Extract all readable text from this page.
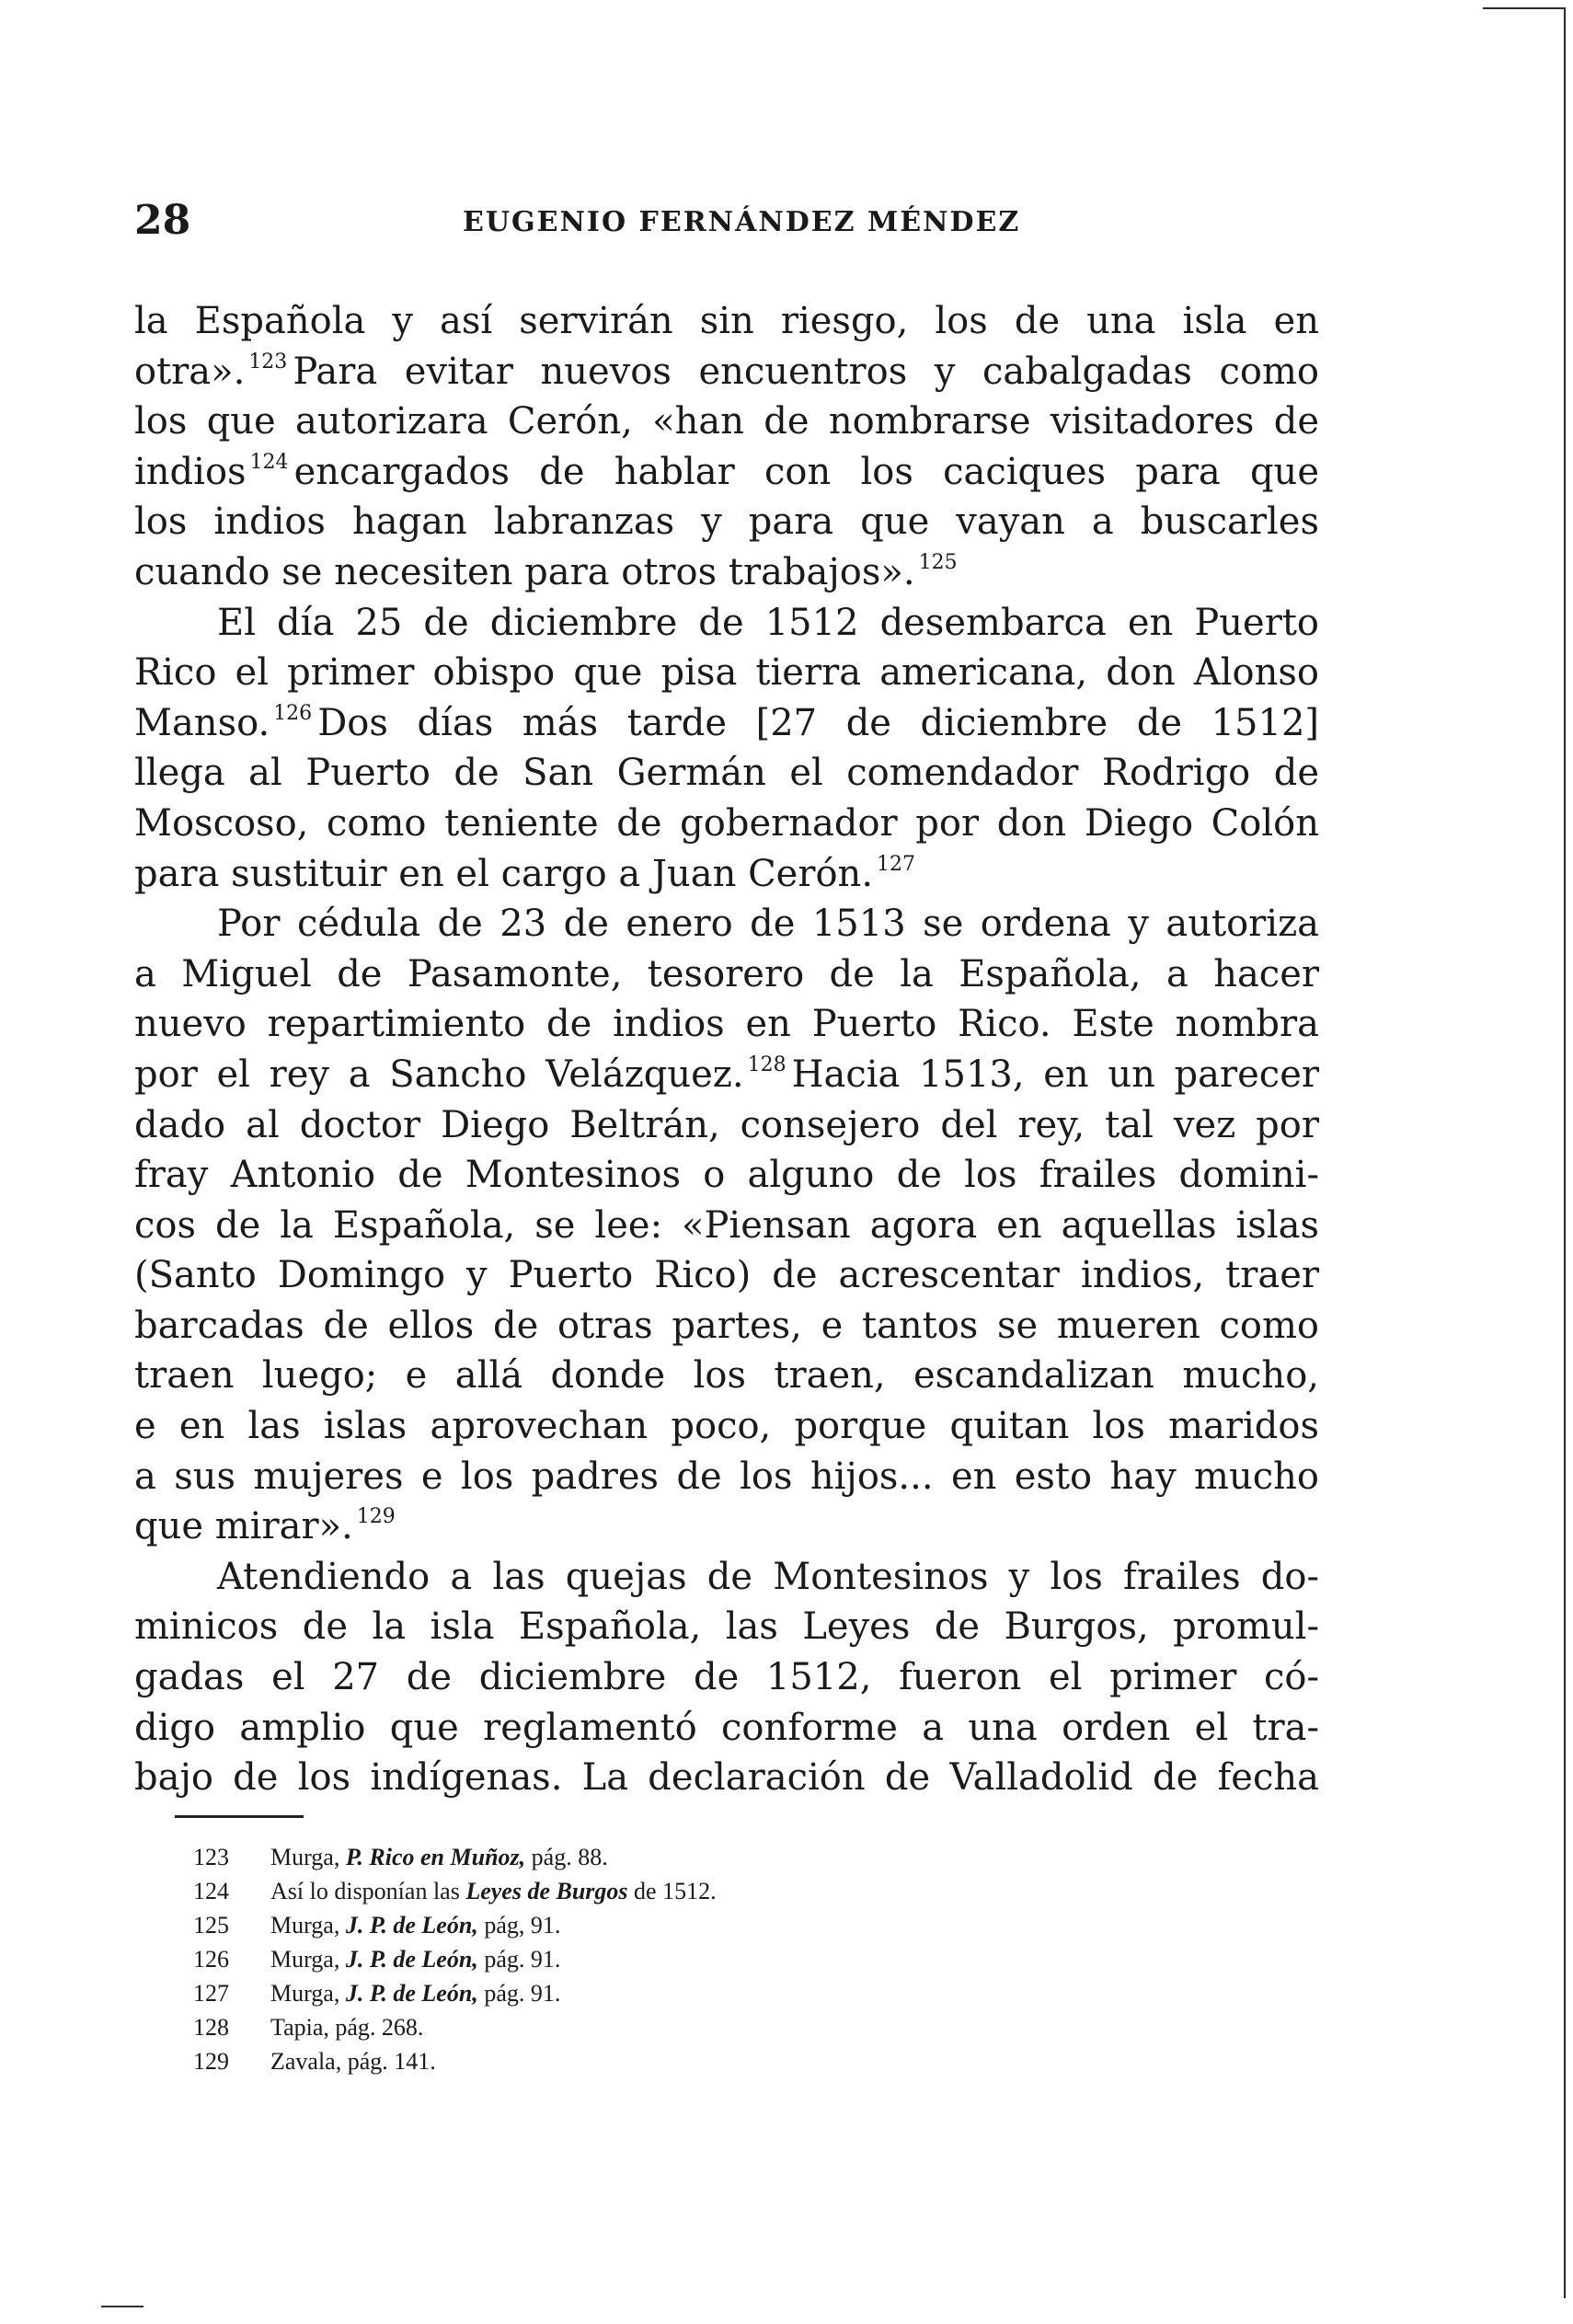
28	EUGENIO FERNÁNDEZ MÉNDEZ
la Española y así servirán sin riesgo, los de una isla en
otra». $^{123}$ Para evitar nuevos encuentros y cabalgadas como
los que autorizara Cerón, «han de nombrarse visitadores de
indios $^{124}$ encargados de hablar con los caciques para que
los indios hagan labranzas y para que vayan a buscarles
cuando se necesiten para otros trabajos». $^{125}$
El día 25 de diciembre de 1512 desembarca en Puerto
Rico el primer obispo que pisa tierra americana, don Alonso
Manso. $^{126}$ Dos días más tarde [27 de diciembre de 1512]
llega al Puerto de San Germán el comendador Rodrigo de
Moscoso, como teniente de gobernador por don Diego Colón
para sustituir en el cargo a Juan Cerón. $^{127}$
Por cédula de 23 de enero de 1513 se ordena y autoriza
a Miguel de Pasamonte, tesorero de la Española, a hacer
nuevo repartimiento de indios en Puerto Rico. Este nombra
por el rey a Sancho Velázquez. $^{128}$ Hacia 1513, en un parecer
dado al doctor Diego Beltrán, consejero del rey, tal vez por
fray Antonio de Montesinos o alguno de los frailes domini-
cos de la Española, se lee: «Piensan agora en aquellas islas
(Santo Domingo y Puerto Rico) de acrescentar indios, traer
barcadas de ellos de otras partes, e tantos se mueren como
traen luego; e allá donde los traen, escandalizan mucho,
e en las islas aprovechan poco, porque quitan los maridos
a sus mujeres e los padres de los hijos... en esto hay mucho
que mirar». $^{129}$
Atendiendo a las quejas de Montesinos y los frailes do-
minicos de la isla Española, las Leyes de Burgos, promul-
gadas el 27 de diciembre de 1512, fueron el primer có-
digo amplio que reglamentó conforme a una orden el tra-
bajo de los indígenas. La declaración de Valladolid de fecha
123 Murga, P. Rico en Muñoz, pág. 88.
124 Así lo disponían las Leyes de Burgos de 1512.
125 Murga, J. P. de León, pág, 91.
126 Murga, J. P. de León, pág. 91.
127 Murga, J. P. de León, pág. 91.
128 Tapia, pág. 268.
129 Zavala, pág. 141.
